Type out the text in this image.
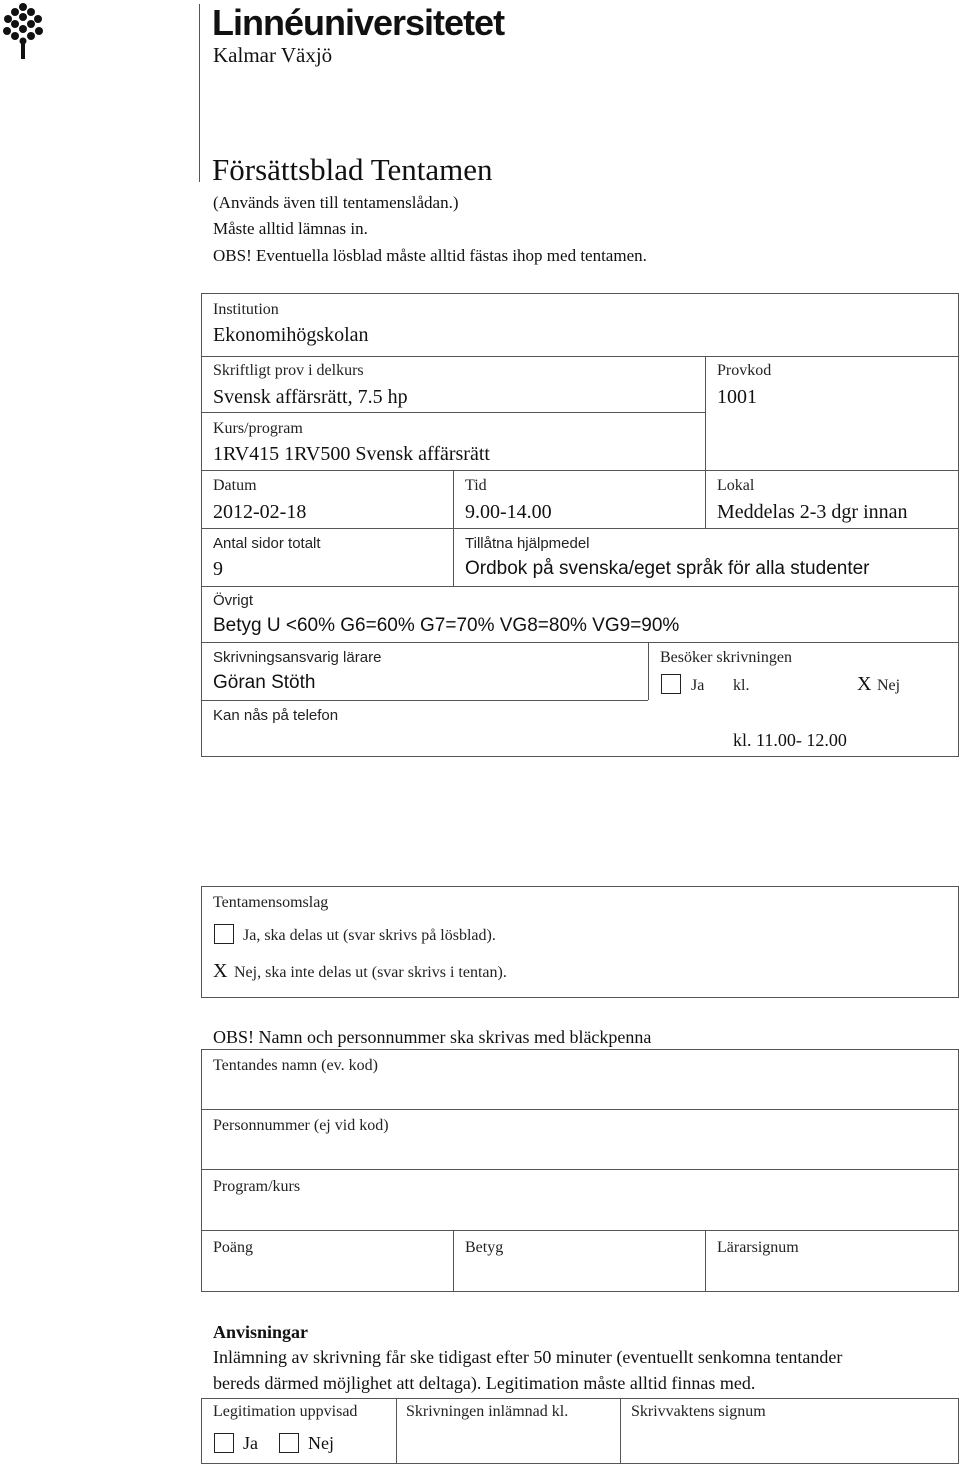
Linnéuniversitetet
Kalmar Växjö
Försättsblad Tentamen
(Används även till tentamenslådan.)
Måste alltid lämnas in.
OBS! Eventuella lösblad måste alltid fästas ihop med tentamen.
Institution
Ekonomihögskolan
Skriftligt prov i delkurs
Svensk affärsrätt, 7.5 hp
Provkod
1001
Kurs/program
1RV415 1RV500 Svensk affärsrätt
Datum
2012-02-18
Tid
9.00-14.00
Lokal
Meddelas 2-3 dgr innan
Antal sidor totalt
9
Tillåtna hjälpmedel
Ordbok på svenska/eget språk för alla studenter
Övrigt
Betyg U <60% G6=60% G7=70% VG8=80% VG9=90%
Skrivningsansvarig lärare
Göran Stöth
Besöker skrivningen
Ja kl.	X Nej
Kan nås på telefon
kl. 11.00- 12.00
Tentamensomslag
Ja, ska delas ut (svar skrivs på lösblad).
X Nej, ska inte delas ut (svar skrivs i tentan).
OBS! Namn och personnummer ska skrivas med bläckpenna
Tentandes namn (ev. kod)
Personnummer (ej vid kod)
Program/kurs
Poäng	Betyg	Lärarsignum
Anvisningar
Inlämning av skrivning får ske tidigast efter 50 minuter (eventuellt senkomna tentander
bereds därmed möjlighet att deltaga). Legitimation måste alltid finnas med.
Legitimation uppvisad
Ja	Nej
Skrivningen inlämnad kl.	Skrivvaktens signum
